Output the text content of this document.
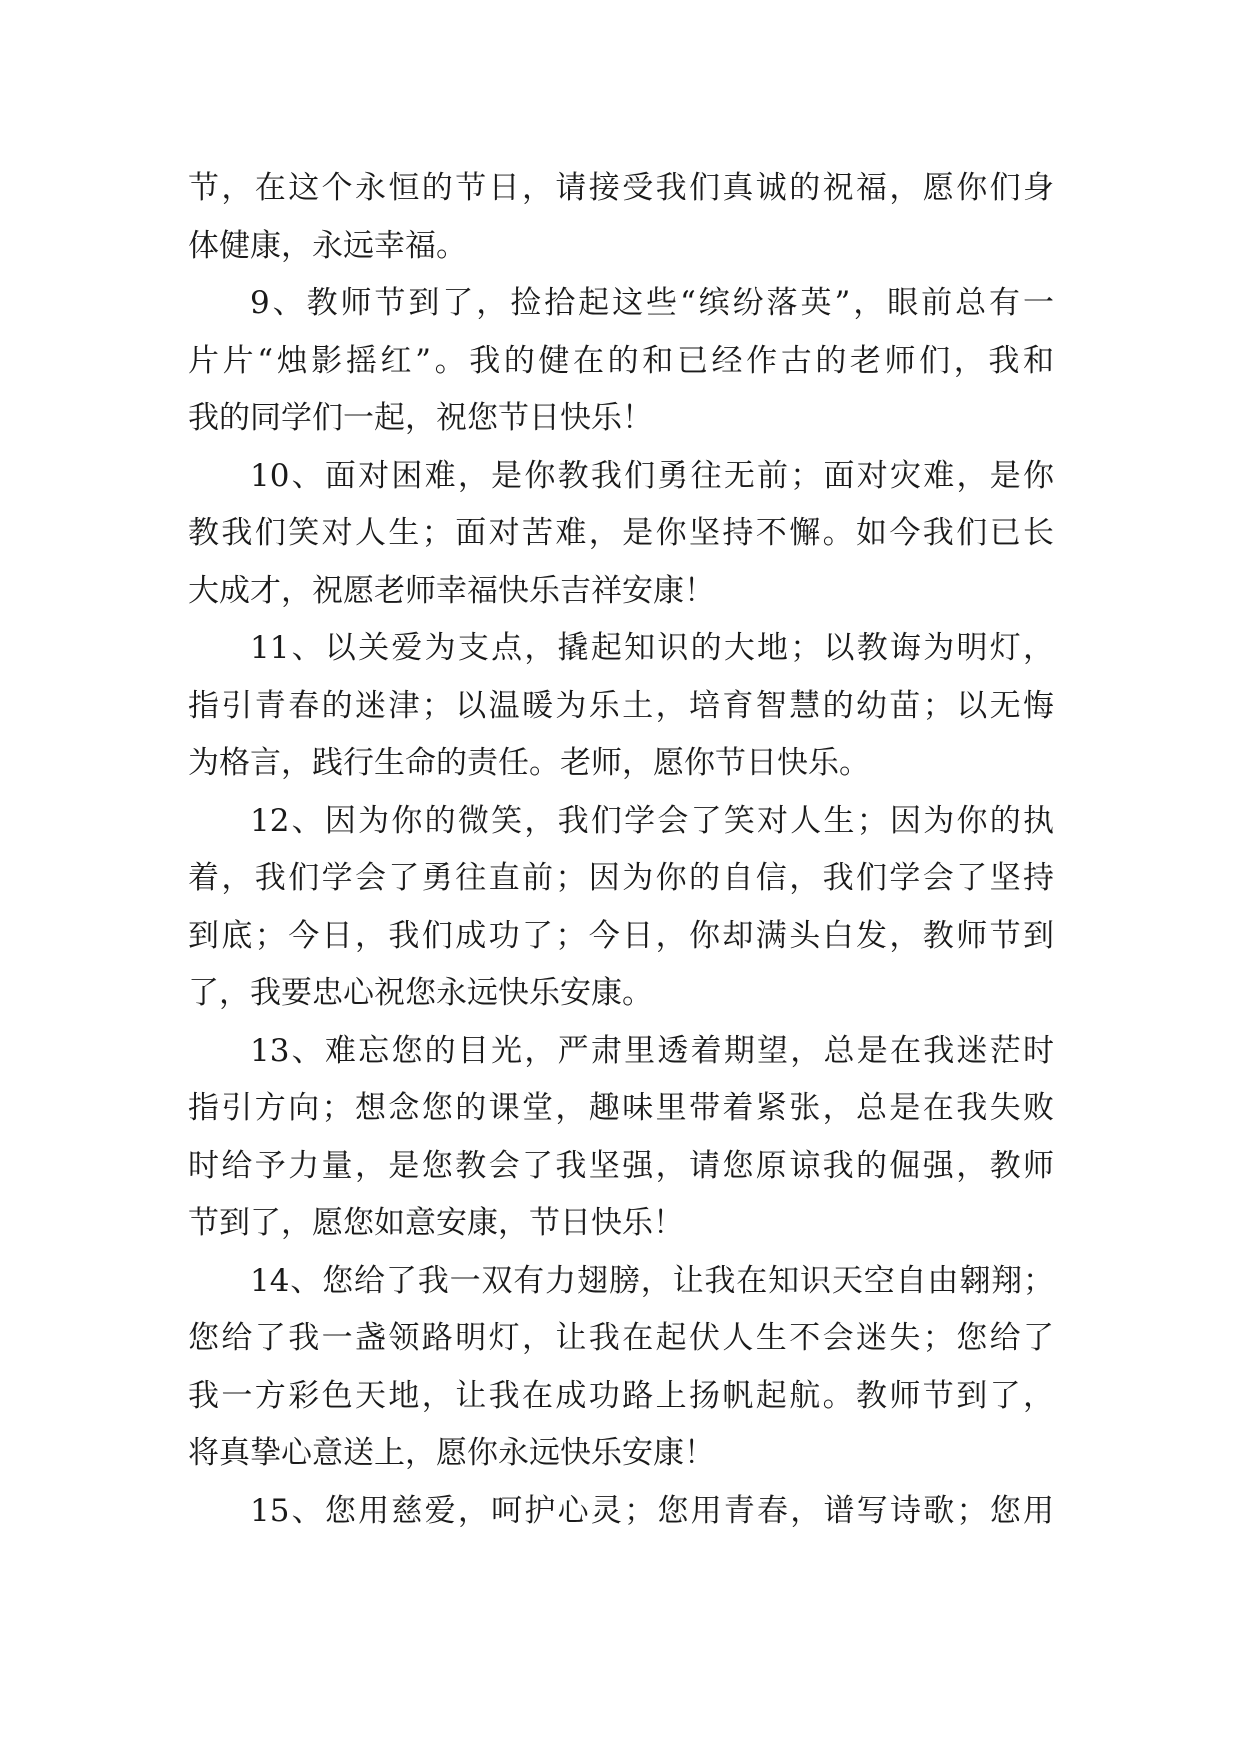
节，在这个永恒的节日，请接受我们真诚的祝福，愿你们身
体健康，永远幸福。
9、教师节到了，捡拾起这些“缤纷落英”，眼前总有一
片片“烛影摇红”。我的健在的和已经作古的老师们，我和
我的同学们一起，祝您节日快乐！
10、面对困难，是你教我们勇往无前；面对灾难，是你
教我们笑对人生；面对苦难，是你坚持不懈。如今我们已长
大成才，祝愿老师幸福快乐吉祥安康！
11、以关爱为支点，撬起知识的大地；以教诲为明灯，
指引青春的迷津；以温暖为乐土，培育智慧的幼苗；以无悔
为格言，践行生命的责任。老师，愿你节日快乐。
12、因为你的微笑，我们学会了笑对人生；因为你的执
着，我们学会了勇往直前；因为你的自信，我们学会了坚持
到底；今日，我们成功了；今日，你却满头白发，教师节到
了，我要忠心祝您永远快乐安康。
13、难忘您的目光，严肃里透着期望，总是在我迷茫时
指引方向；想念您的课堂，趣味里带着紧张，总是在我失败
时给予力量，是您教会了我坚强，请您原谅我的倔强，教师
节到了，愿您如意安康，节日快乐！
14、您给了我一双有力翅膀，让我在知识天空自由翱翔；
您给了我一盏领路明灯，让我在起伏人生不会迷失；您给了
我一方彩色天地，让我在成功路上扬帆起航。教师节到了，
将真挚心意送上，愿你永远快乐安康！
15、您用慈爱，呵护心灵；您用青春，谱写诗歌；您用
